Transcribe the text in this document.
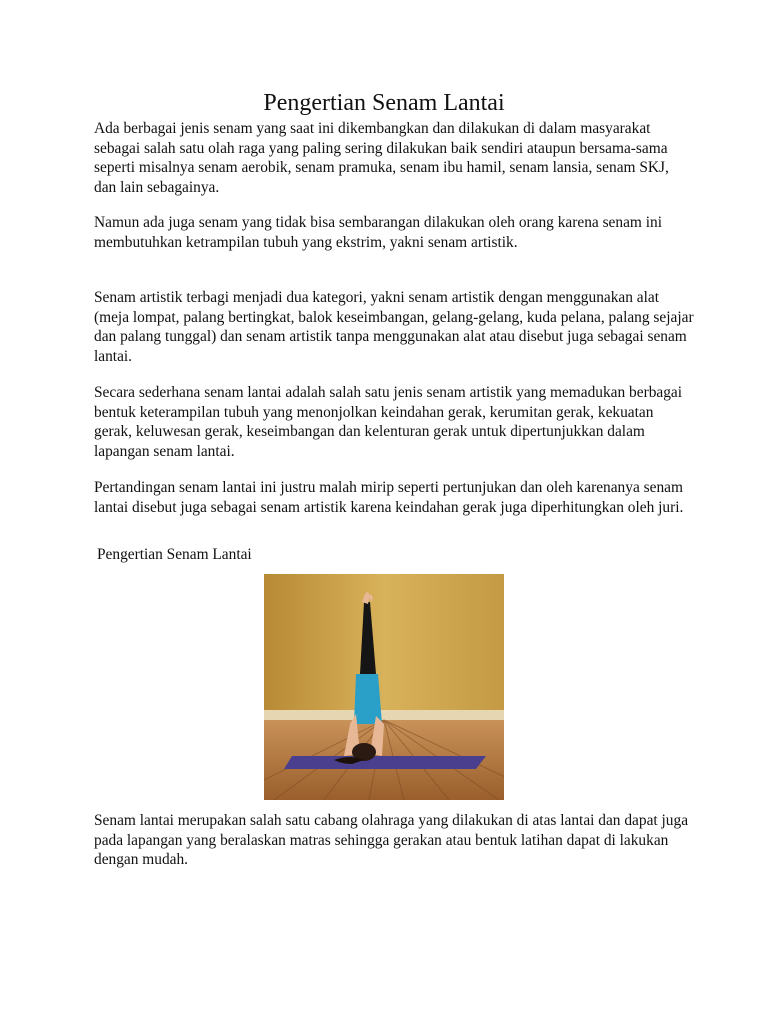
Pengertian Senam Lantai

Ada berbagai jenis senam yang saat ini dikembangkan dan dilakukan di dalam masyarakat sebagai salah satu olah raga yang paling sering dilakukan baik sendiri ataupun bersama-sama seperti misalnya senam aerobik, senam pramuka, senam ibu hamil, senam lansia, senam SKJ, dan lain sebagainya.

Namun ada juga senam yang tidak bisa sembarangan dilakukan oleh orang karena senam ini membutuhkan ketrampilan tubuh yang ekstrim, yakni senam artistik.

Senam artistik terbagi menjadi dua kategori, yakni senam artistik dengan menggunakan alat (meja lompat, palang bertingkat, balok keseimbangan, gelang-gelang, kuda pelana, palang sejajar dan palang tunggal) dan senam artistik tanpa menggunakan alat atau disebut juga sebagai senam lantai.

Secara sederhana senam lantai adalah salah satu jenis senam artistik yang memadukan berbagai bentuk keterampilan tubuh yang menonjolkan keindahan gerak, kerumitan gerak, kekuatan gerak, keluwesan gerak, keseimbangan dan kelenturan gerak untuk dipertunjukkan dalam lapangan senam lantai.

Pertandingan senam lantai ini justru malah mirip seperti pertunjukan dan oleh karenanya senam lantai disebut juga sebagai senam artistik karena keindahan gerak juga diperhitungkan oleh juri.

Pengertian Senam Lantai

Senam lantai merupakan salah satu cabang olahraga yang dilakukan di atas lantai dan dapat juga pada lapangan yang beralaskan matras sehingga gerakan atau bentuk latihan dapat di lakukan dengan mudah.
